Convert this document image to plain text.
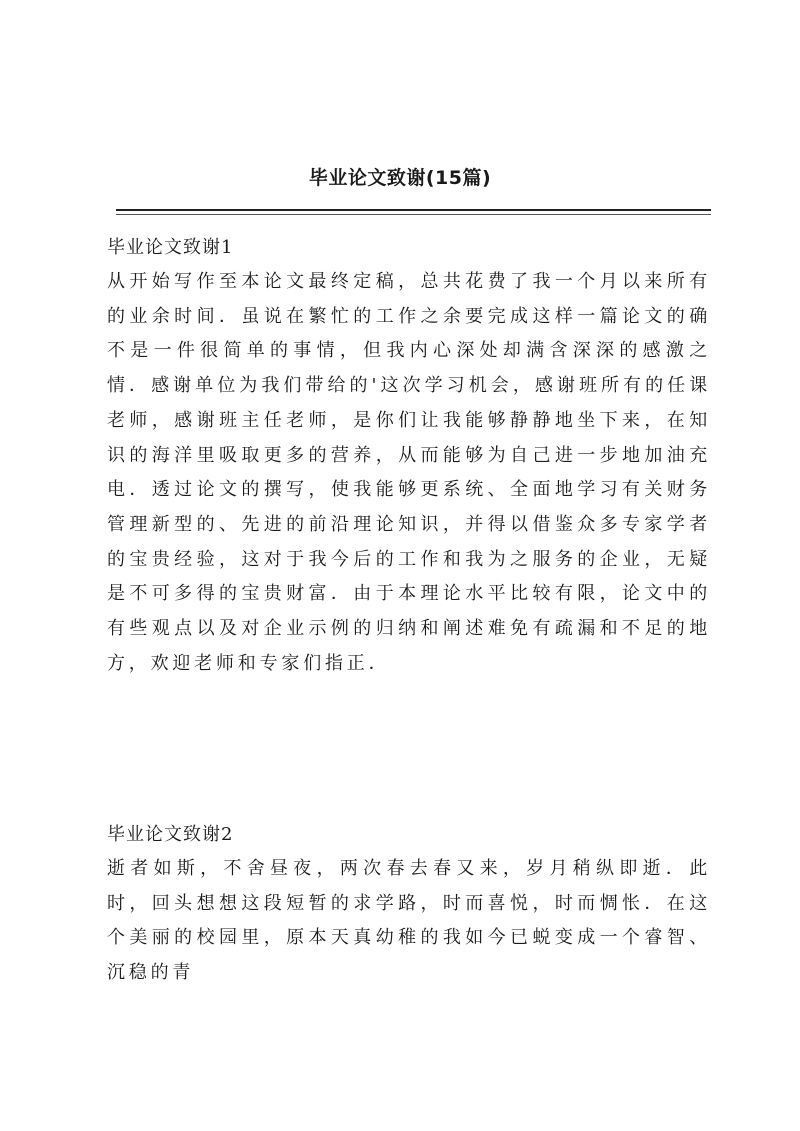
毕业论文致谢(15篇)
毕业论文致谢1
从开始写作至本论文最终定稿，总共花费了我一个月以来所有的业余时间．虽说在繁忙的工作之余要完成这样一篇论文的确不是一件很简单的事情，但我内心深处却满含深深的感激之情．感谢单位为我们带给的'这次学习机会，感谢班所有的任课老师，感谢班主任老师，是你们让我能够静静地坐下来，在知识的海洋里吸取更多的营养，从而能够为自己进一步地加油充电．透过论文的撰写，使我能够更系统、全面地学习有关财务管理新型的、先进的前沿理论知识，并得以借鉴众多专家学者的宝贵经验，这对于我今后的工作和我为之服务的企业，无疑是不可多得的宝贵财富．由于本理论水平比较有限，论文中的有些观点以及对企业示例的归纳和阐述难免有疏漏和不足的地方，欢迎老师和专家们指正．
毕业论文致谢2
逝者如斯，不舍昼夜，两次春去春又来，岁月稍纵即逝．此时，回头想想这段短暂的求学路，时而喜悦，时而惆怅．在这个美丽的校园里，原本天真幼稚的我如今已蜕变成一个睿智、沉稳的青
